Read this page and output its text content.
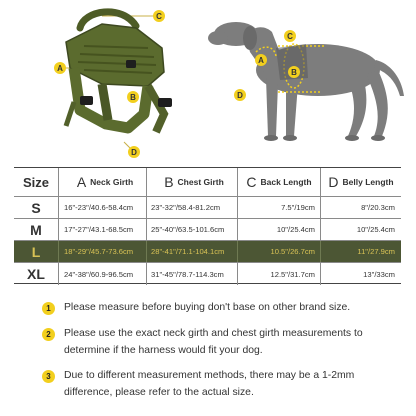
A
B
C
D
A
B
C
D
Size A Neck Girth B Chest Girth C Back Length D Belly Length
S	16"-23"/40.6-58.4cm 23"-32"/58.4-81.2cm	7.5"/19cm	8"/20.3cm
M	17"-27"/43.1-68.5cm 25"-40"/63.5-101.6cm	10"/25.4cm	10"/25.4cm
L	18"-29"/45.7-73.6cm 28"-41"/71.1-104.1cm	10.5"/26.7cm	11"/27.9cm
XL	24"-38"/60.9-96.5cm 31"-45"/78.7-114.3cm	12.5"/31.7cm	13"/33cm
1	Please measure before buying don't base on other brand size.
2	Please use the exact neck girth and chest girth measurements to determine if the harness would fit your dog.
3	Due to different measurement methods, there may be a 1-2mm difference, please refer to the actual size.
